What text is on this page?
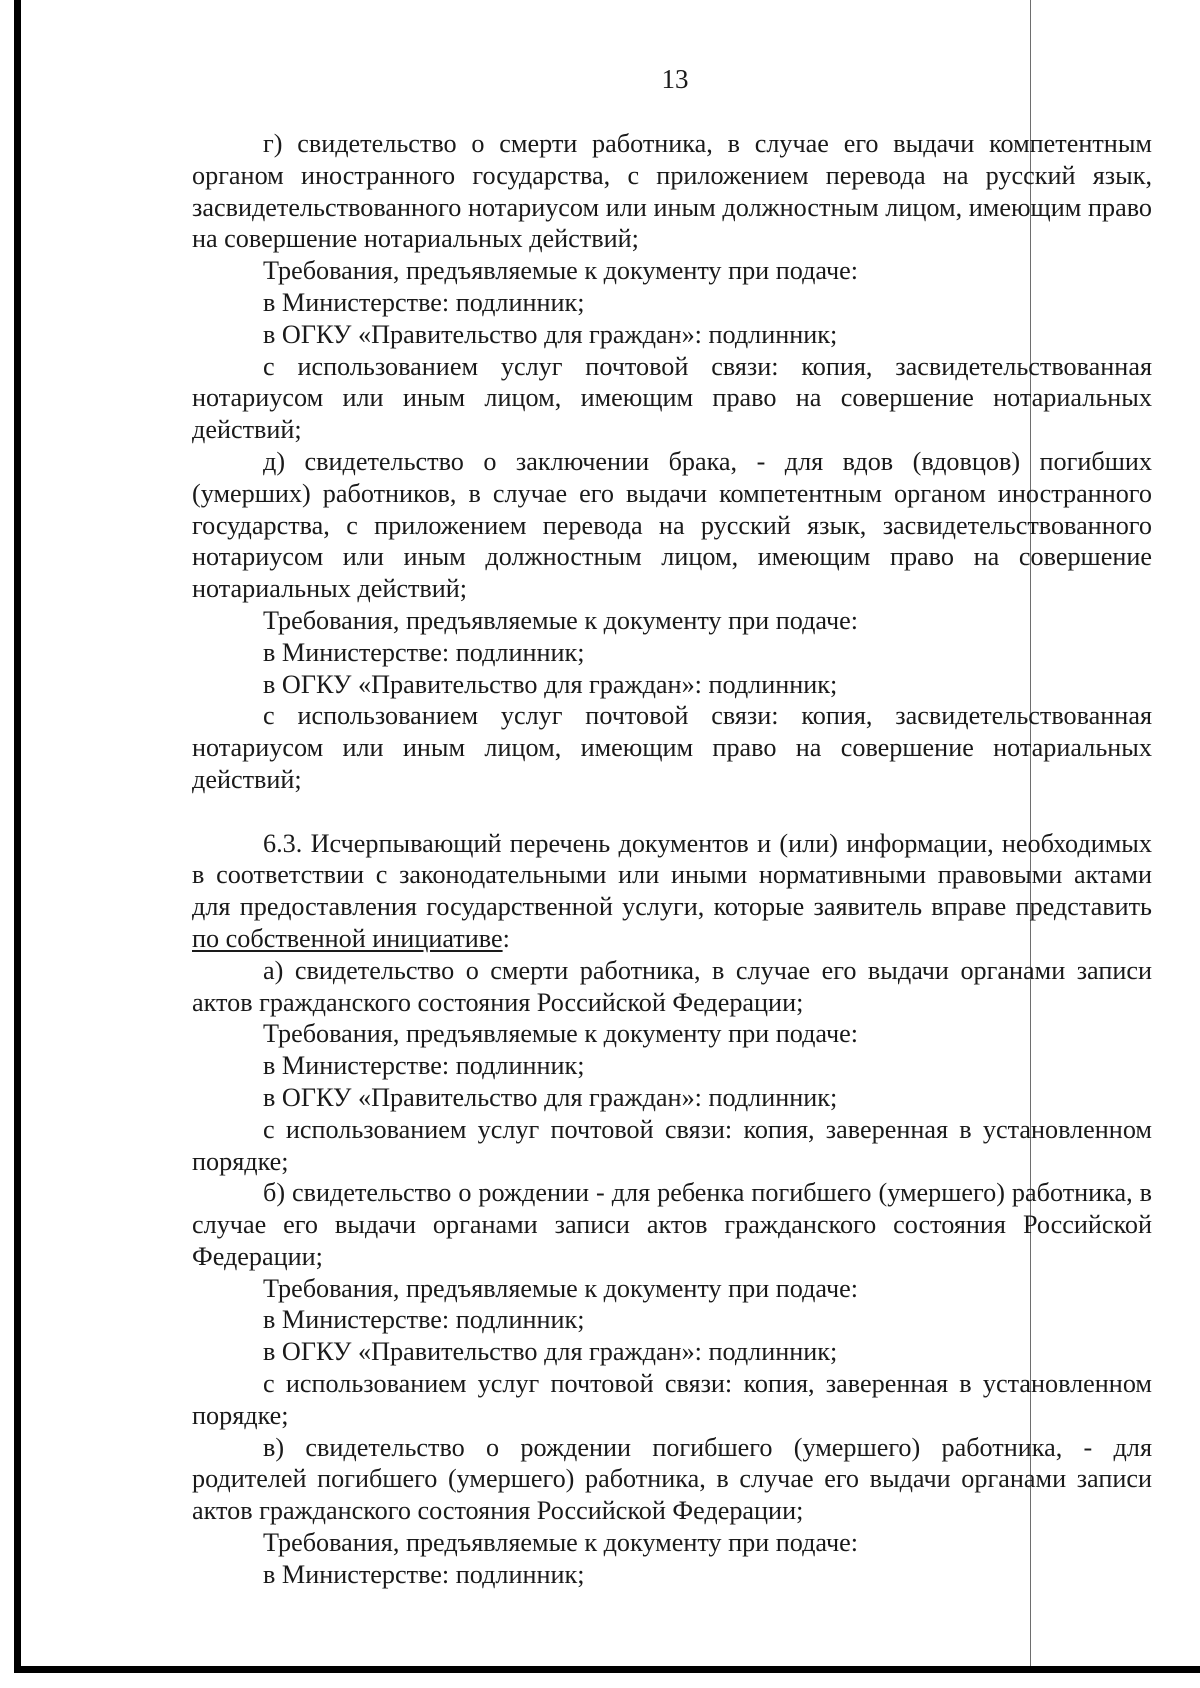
13

г) свидетельство о смерти работника, в случае его выдачи компетентным органом иностранного государства, с приложением перевода на русский язык, засвидетельствованного нотариусом или иным должностным лицом, имеющим право на совершение нотариальных действий;

Требования, предъявляемые к документу при подаче:

в Министерстве: подлинник;

в ОГКУ «Правительство для граждан»: подлинник;

с использованием услуг почтовой связи: копия, засвидетельствованная нотариусом или иным лицом, имеющим право на совершение нотариальных действий;

д) свидетельство о заключении брака, - для вдов (вдовцов) погибших (умерших) работников, в случае его выдачи компетентным органом иностранного государства, с приложением перевода на русский язык, засвидетельствованного нотариусом или иным должностным лицом, имеющим право на совершение нотариальных действий;

Требования, предъявляемые к документу при подаче:

в Министерстве: подлинник;

в ОГКУ «Правительство для граждан»: подлинник;

с использованием услуг почтовой связи: копия, засвидетельствованная нотариусом или иным лицом, имеющим право на совершение нотариальных действий;

6.3. Исчерпывающий перечень документов и (или) информации, необходимых в соответствии с законодательными или иными нормативными правовыми актами для предоставления государственной услуги, которые заявитель вправе представить по собственной инициативе:

а) свидетельство о смерти работника, в случае его выдачи органами записи актов гражданского состояния Российской Федерации;

Требования, предъявляемые к документу при подаче:

в Министерстве: подлинник;

в ОГКУ «Правительство для граждан»: подлинник;

с использованием услуг почтовой связи: копия, заверенная в установленном порядке;

б) свидетельство о рождении - для ребенка погибшего (умершего) работника, в случае его выдачи органами записи актов гражданского состояния Российской Федерации;

Требования, предъявляемые к документу при подаче:

в Министерстве: подлинник;

в ОГКУ «Правительство для граждан»: подлинник;

с использованием услуг почтовой связи: копия, заверенная в установленном порядке;

в) свидетельство о рождении погибшего (умершего) работника, - для родителей погибшего (умершего) работника, в случае его выдачи органами записи актов гражданского состояния Российской Федерации;

Требования, предъявляемые к документу при подаче:

в Министерстве: подлинник;
